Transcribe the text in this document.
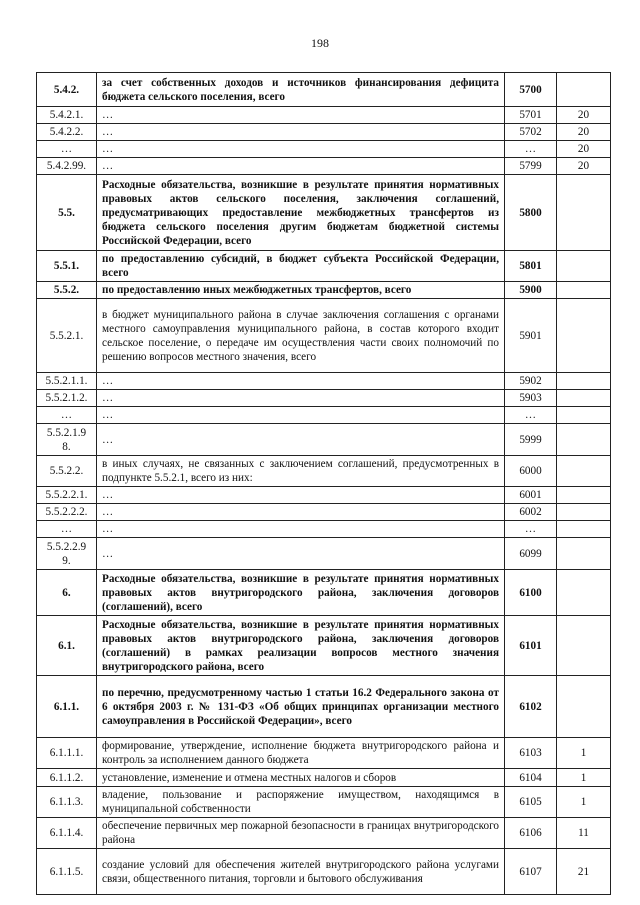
198
5.4.2.	за счет собственных доходов и источников финансирования дефицита бюджета сельского поселения, всего	5700	
5.4.2.1.	…	5701	20
5.4.2.2.	…	5702	20
…	…	…	20
5.4.2.99.	…	5799	20
5.5.	Расходные обязательства, возникшие в результате принятия нормативных правовых актов сельского поселения, заключения соглашений, предусматривающих предоставление межбюджетных трансфертов из бюджета сельского поселения другим бюджетам бюджетной системы Российской Федерации, всего	5800	
5.5.1.	по предоставлению субсидий, в бюджет субъекта Российской Федерации, всего	5801	
5.5.2.	по предоставлению иных межбюджетных трансфертов, всего	5900	
5.5.2.1.	в бюджет муниципального района в случае заключения соглашения с органами местного самоуправления муниципального района, в состав которого входит сельское поселение, о передаче им осуществления части своих полномочий по решению вопросов местного значения, всего	5901	
5.5.2.1.1.	…	5902	
5.5.2.1.2.	…	5903	
…	…	…	
5.5.2.1.9 8.	…	5999	
5.5.2.2.	в иных случаях, не связанных с заключением соглашений, предусмотренных в подпункте 5.5.2.1, всего из них:	6000	
5.5.2.2.1.	…	6001	
5.5.2.2.2.	…	6002	
…	…	…	
5.5.2.2.9 9.	…	6099	
6.	Расходные обязательства, возникшие в результате принятия нормативных правовых актов внутригородского района, заключения договоров (соглашений), всего	6100	
6.1.	Расходные обязательства, возникшие в результате принятия нормативных правовых актов внутригородского района, заключения договоров (соглашений) в рамках реализации вопросов местного значения внутригородского района, всего	6101	
6.1.1.	по перечню, предусмотренному частью 1 статьи 16.2 Федерального закона от 6 октября 2003 г. № 131-ФЗ «Об общих принципах организации местного самоуправления в Российской Федерации», всего	6102	
6.1.1.1.	формирование, утверждение, исполнение бюджета внутригородского района и контроль за исполнением данного бюджета	6103	1
6.1.1.2.	установление, изменение и отмена местных налогов и сборов	6104	1
6.1.1.3.	владение, пользование и распоряжение имуществом, находящимся в муниципальной собственности	6105	1
6.1.1.4.	обеспечение первичных мер пожарной безопасности в границах внутригородского района	6106	11
6.1.1.5.	создание условий для обеспечения жителей внутригородского района услугами связи, общественного питания, торговли и бытового обслуживания	6107	21
